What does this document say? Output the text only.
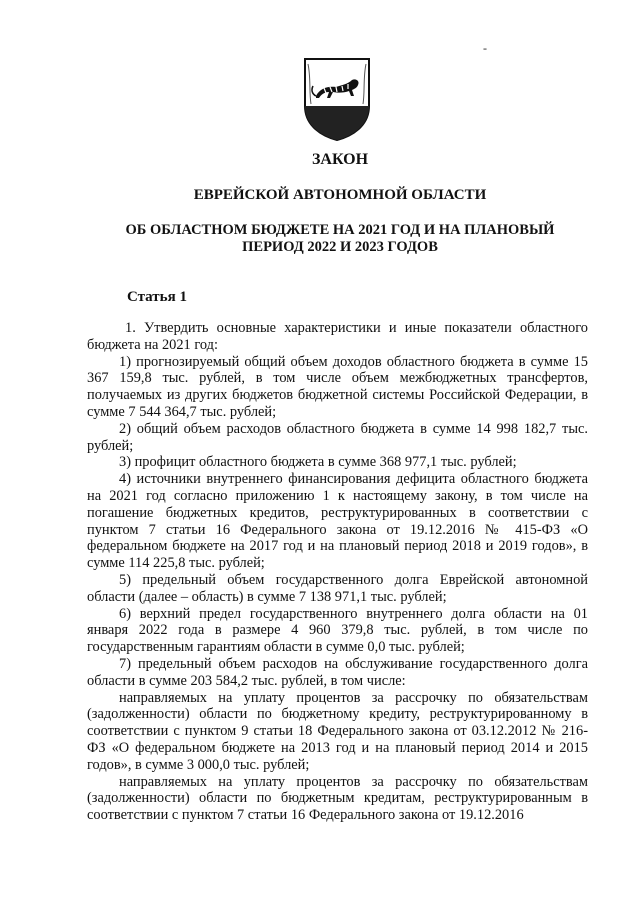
-
ЗАКОН
ЕВРЕЙСКОЙ АВТОНОМНОЙ ОБЛАСТИ
ОБ ОБЛАСТНОМ БЮДЖЕТЕ НА 2021 ГОД И НА ПЛАНОВЫЙ
ПЕРИОД 2022 И 2023 ГОДОВ
Статья 1

1. Утвердить основные характеристики и иные показатели областного бюджета на 2021 год:

1) прогнозируемый общий объем доходов областного бюджета в сумме 15 367 159,8 тыс. рублей, в том числе объем межбюджетных трансфертов, получаемых из других бюджетов бюджетной системы Российской Федерации, в сумме 7 544 364,7 тыс. рублей;

2) общий объем расходов областного бюджета в сумме 14 998 182,7 тыс. рублей;

3) профицит областного бюджета в сумме 368 977,1 тыс. рублей;

4) источники внутреннего финансирования дефицита областного бюджета на 2021 год согласно приложению 1 к настоящему закону, в том числе на погашение бюджетных кредитов, реструктурированных в соответствии с пунктом 7 статьи 16 Федерального закона от 19.12.2016 № 415-ФЗ «О федеральном бюджете на 2017 год и на плановый период 2018 и 2019 годов», в сумме 114 225,8 тыс. рублей;

5) предельный объем государственного долга Еврейской автономной области (далее – область) в сумме 7 138 971,1 тыс. рублей;

6) верхний предел государственного внутреннего долга области на 01 января 2022 года в размере 4 960 379,8 тыс. рублей, в том числе по государственным гарантиям области в сумме 0,0 тыс. рублей;

7) предельный объем расходов на обслуживание государственного долга области в сумме 203 584,2 тыс. рублей, в том числе:

направляемых на уплату процентов за рассрочку по обязательствам (задолженности) области по бюджетному кредиту, реструктурированному в соответствии с пунктом 9 статьи 18 Федерального закона от 03.12.2012 № 216-ФЗ «О федеральном бюджете на 2013 год и на плановый период 2014 и 2015 годов», в сумме 3 000,0 тыс. рублей;

направляемых на уплату процентов за рассрочку по обязательствам (задолженности) области по бюджетным кредитам, реструктурированным в соответствии с пунктом 7 статьи 16 Федерального закона от 19.12.2016
